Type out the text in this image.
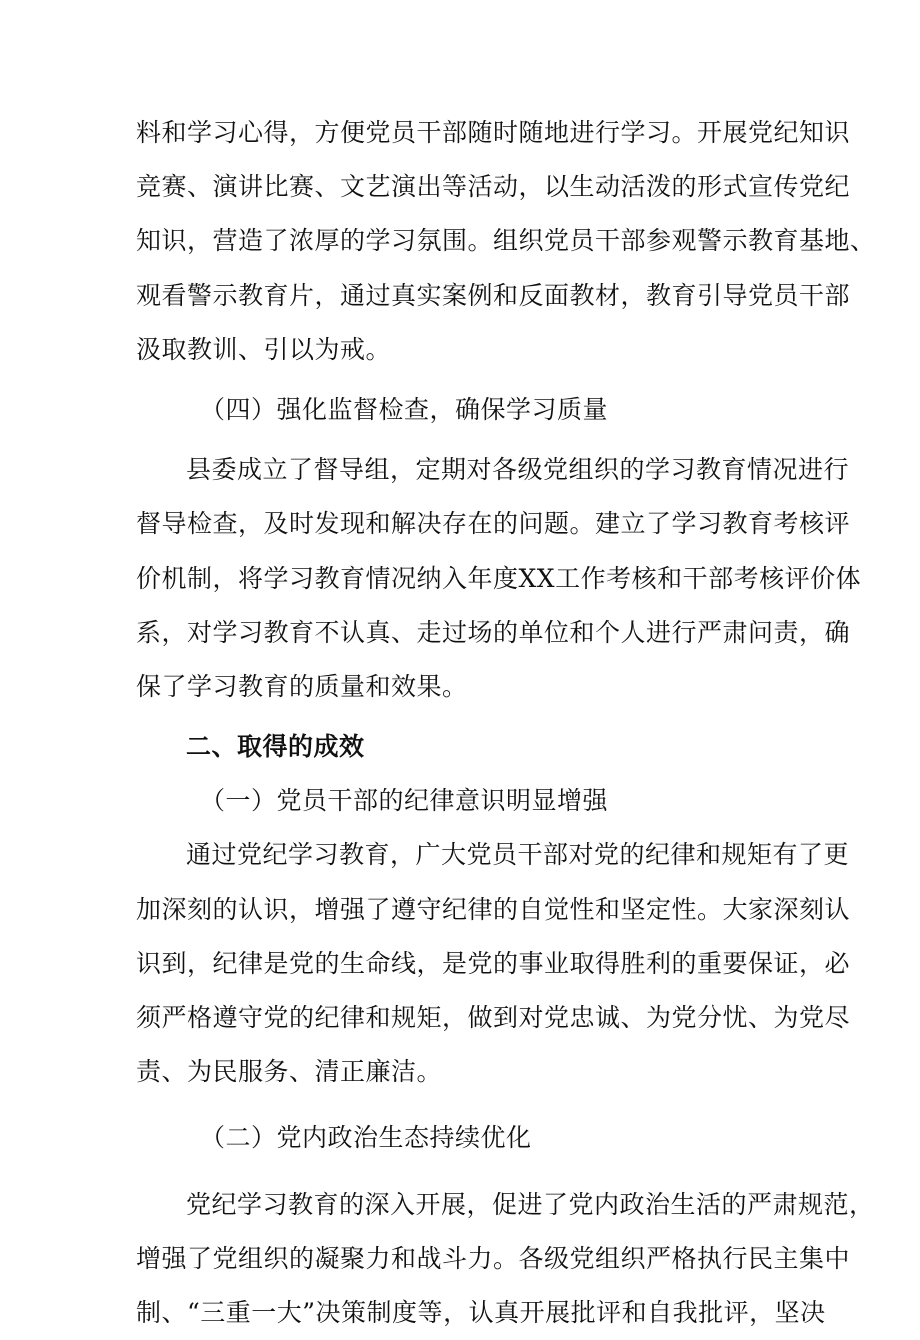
料和学习心得，方便党员干部随时随地进行学习。开展党纪知识
竞赛、演讲比赛、文艺演出等活动，以生动活泼的形式宣传党纪
知识，营造了浓厚的学习氛围。组织党员干部参观警示教育基地、
观看警示教育片，通过真实案例和反面教材，教育引导党员干部
汲取教训、引以为戒。
（四）强化监督检查，确保学习质量
县委成立了督导组，定期对各级党组织的学习教育情况进行
督导检查，及时发现和解决存在的问题。建立了学习教育考核评
价机制，将学习教育情况纳入年度XX工作考核和干部考核评价体
系，对学习教育不认真、走过场的单位和个人进行严肃问责，确
保了学习教育的质量和效果。
二、取得的成效
（一）党员干部的纪律意识明显增强
通过党纪学习教育，广大党员干部对党的纪律和规矩有了更
加深刻的认识，增强了遵守纪律的自觉性和坚定性。大家深刻认
识到，纪律是党的生命线，是党的事业取得胜利的重要保证，必
须严格遵守党的纪律和规矩，做到对党忠诚、为党分忧、为党尽
责、为民服务、清正廉洁。
（二）党内政治生态持续优化
党纪学习教育的深入开展，促进了党内政治生活的严肃规范，
增强了党组织的凝聚力和战斗力。各级党组织严格执行民主集中
制、“三重一大”决策制度等，认真开展批评和自我批评，坚决
